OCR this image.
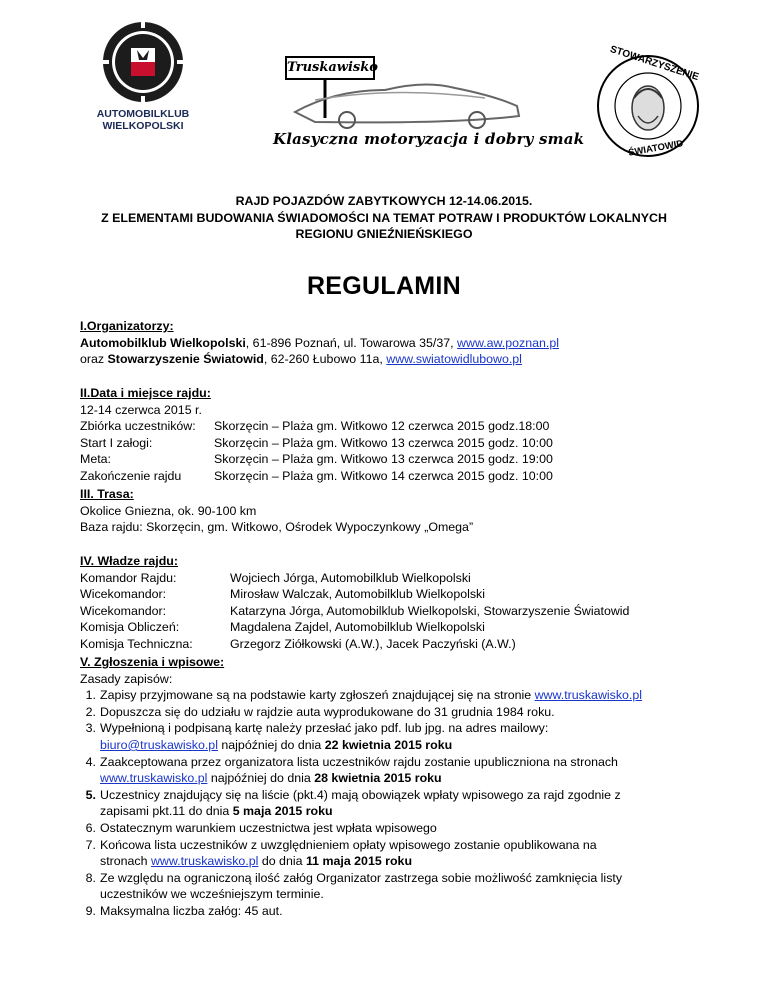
AUTOMOBILKLUB
WIELKOPOLSKI
Truskawisko
Klasyczna motoryzacja i dobry smak
STOWARZYSZENIE
ŚWIATOWID
RAJD POJAZDÓW ZABYTKOWYCH 12-14.06.2015.
Z ELEMENTAMI BUDOWANIA ŚWIADOMOŚCI NA TEMAT POTRAW I PRODUKTÓW LOKALNYCH
REGIONU GNIEŹNIEŃSKIEGO
REGULAMIN
I.Organizatorzy:
Automobilklub Wielkopolski, 61-896 Poznań, ul. Towarowa 35/37, www.aw.poznan.pl
oraz Stowarzyszenie Światowid, 62-260 Łubowo 11a, www.swiatowidlubowo.pl
II.Data i miejsce rajdu:
12-14 czerwca 2015 r.
Zbiórka uczestników:	Skorzęcin – Plaża gm. Witkowo 12 czerwca 2015 godz.18:00
Start I załogi:	Skorzęcin – Plaża gm. Witkowo 13 czerwca 2015 godz. 10:00
Meta:	Skorzęcin – Plaża gm. Witkowo 13 czerwca 2015 godz. 19:00
Zakończenie rajdu	Skorzęcin – Plaża gm. Witkowo 14 czerwca 2015 godz. 10:00
III. Trasa:
Okolice Gniezna, ok. 90-100 km
Baza rajdu: Skorzęcin, gm. Witkowo, Ośrodek Wypoczynkowy „Omega”
IV. Władze rajdu:
Komandor Rajdu:	Wojciech Jórga, Automobilklub Wielkopolski
Wicekomandor:	Mirosław Walczak, Automobilklub Wielkopolski
Wicekomandor:	Katarzyna Jórga, Automobilklub Wielkopolski, Stowarzyszenie Światowid
Komisja Obliczeń:	Magdalena Zajdel, Automobilklub Wielkopolski
Komisja Techniczna:	Grzegorz Ziółkowski (A.W.), Jacek Paczyński (A.W.)
V. Zgłoszenia i wpisowe:
Zasady zapisów:
1. Zapisy przyjmowane są na podstawie karty zgłoszeń znajdującej się na stronie www.truskawisko.pl
2. Dopuszcza się do udziału w rajdzie auta wyprodukowane do 31 grudnia 1984 roku.
3. Wypełnioną i podpisaną kartę należy przesłać jako pdf. lub jpg. na adres mailowy:
biuro@truskawisko.pl najpóźniej do dnia 22 kwietnia 2015 roku
4. Zaakceptowana przez organizatora lista uczestników rajdu zostanie upubliczniona na stronach
www.truskawisko.pl najpóźniej do dnia 28 kwietnia 2015 roku
5. Uczestnicy znajdujący się na liście (pkt.4) mają obowiązek wpłaty wpisowego za rajd zgodnie z
zapisami pkt.11 do dnia 5 maja 2015 roku
6. Ostatecznym warunkiem uczestnictwa jest wpłata wpisowego
7. Końcowa lista uczestników z uwzględnieniem opłaty wpisowego zostanie opublikowana na
stronach www.truskawisko.pl do dnia 11 maja 2015 roku
8. Ze względu na ograniczoną ilość załóg Organizator zastrzega sobie możliwość zamknięcia listy
uczestników we wcześniejszym terminie.
9. Maksymalna liczba załóg: 45 aut.
